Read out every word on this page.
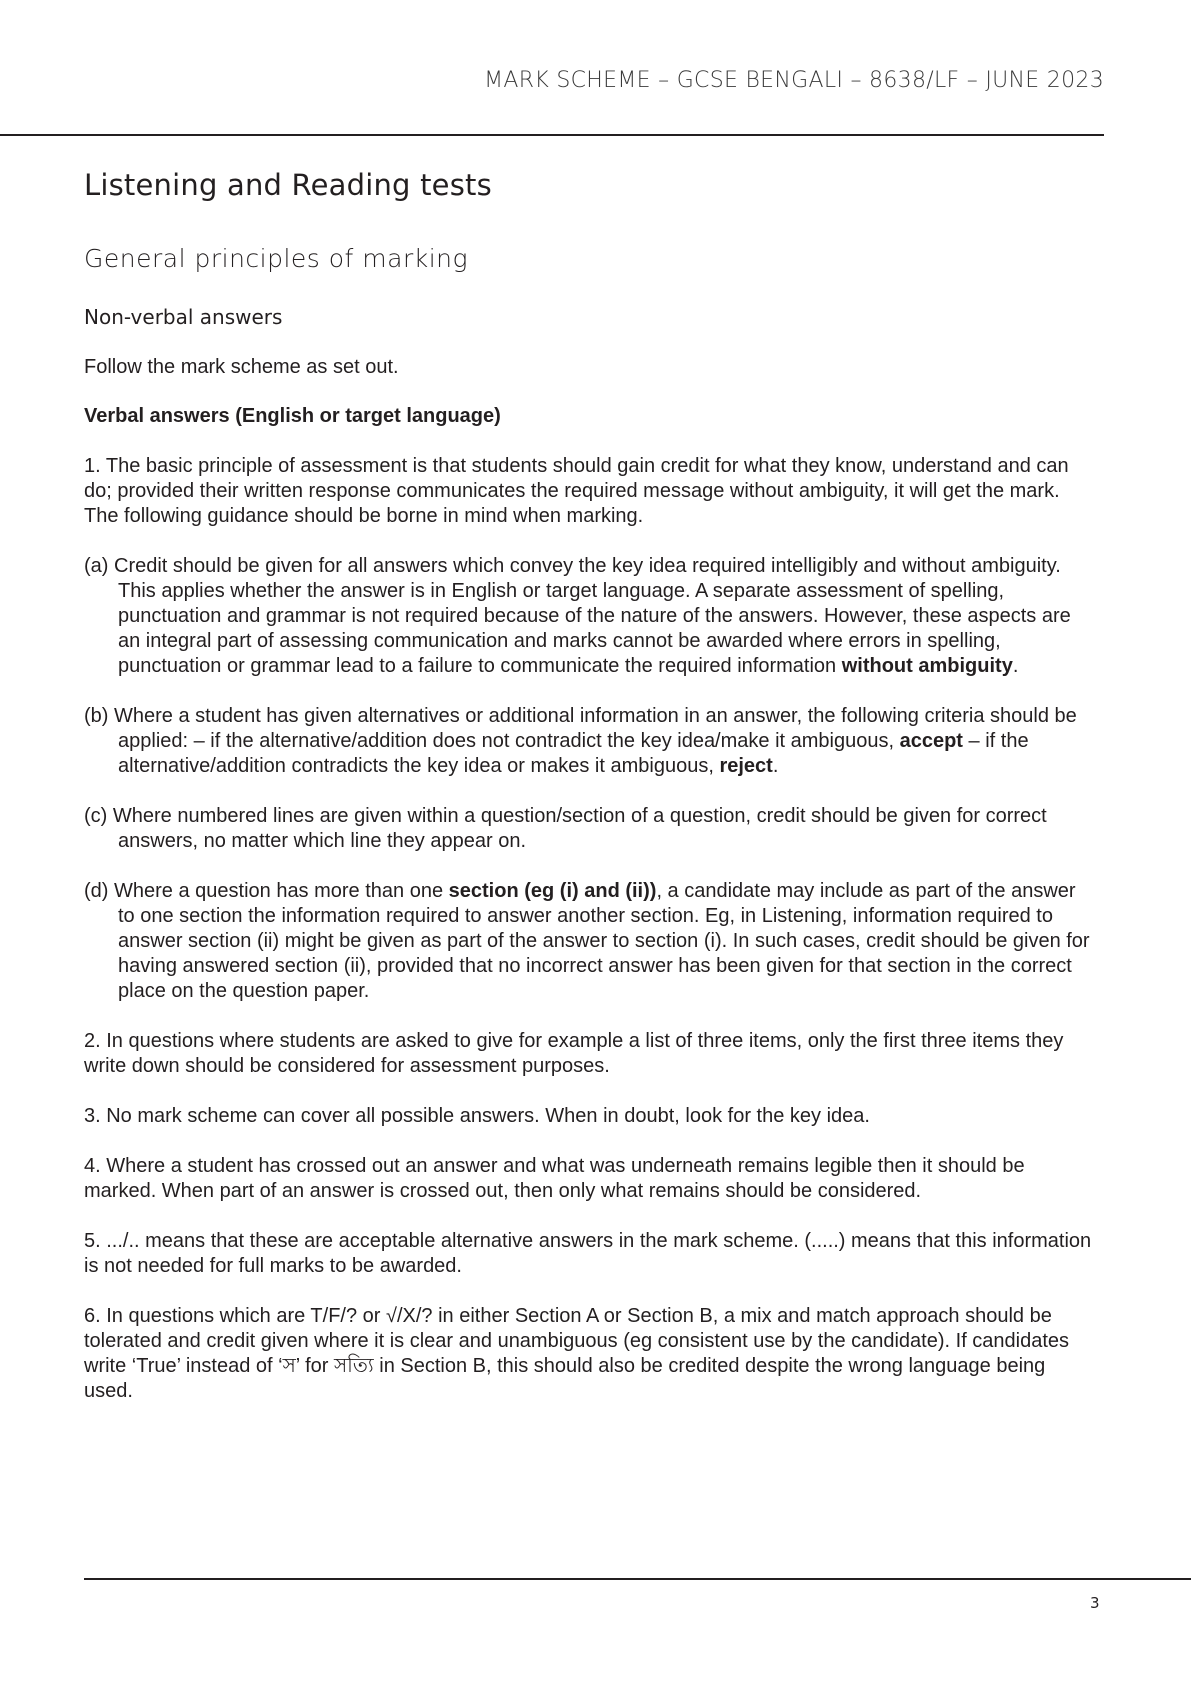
MARK SCHEME – GCSE BENGALI – 8638/LF – JUNE 2023
Listening and Reading tests
General principles of marking
Non-verbal answers

Follow the mark scheme as set out.

Verbal answers (English or target language)

1. The basic principle of assessment is that students should gain credit for what they know, understand and can do; provided their written response communicates the required message without ambiguity, it will get the mark. The following guidance should be borne in mind when marking.

(a) Credit should be given for all answers which convey the key idea required intelligibly and without ambiguity. This applies whether the answer is in English or target language. A separate assessment of spelling, punctuation and grammar is not required because of the nature of the answers. However, these aspects are an integral part of assessing communication and marks cannot be awarded where errors in spelling, punctuation or grammar lead to a failure to communicate the required information without ambiguity.

(b) Where a student has given alternatives or additional information in an answer, the following criteria should be applied: – if the alternative/addition does not contradict the key idea/make it ambiguous, accept – if the alternative/addition contradicts the key idea or makes it ambiguous, reject.

(c) Where numbered lines are given within a question/section of a question, credit should be given for correct answers, no matter which line they appear on.

(d) Where a question has more than one section (eg (i) and (ii)), a candidate may include as part of the answer to one section the information required to answer another section. Eg, in Listening, information required to answer section (ii) might be given as part of the answer to section (i). In such cases, credit should be given for having answered section (ii), provided that no incorrect answer has been given for that section in the correct place on the question paper.

2. In questions where students are asked to give for example a list of three items, only the first three items they write down should be considered for assessment purposes.

3. No mark scheme can cover all possible answers. When in doubt, look for the key idea.

4. Where a student has crossed out an answer and what was underneath remains legible then it should be marked. When part of an answer is crossed out, then only what remains should be considered.

5. .../.. means that these are acceptable alternative answers in the mark scheme. (.....) means that this information is not needed for full marks to be awarded.

6. In questions which are T/F/? or √/X/? in either Section A or Section B, a mix and match approach should be tolerated and credit given where it is clear and unambiguous (eg consistent use by the candidate). If candidates write ‘True’ instead of ‘স’ for সত্যি in Section B, this should also be credited despite the wrong language being used.

3
